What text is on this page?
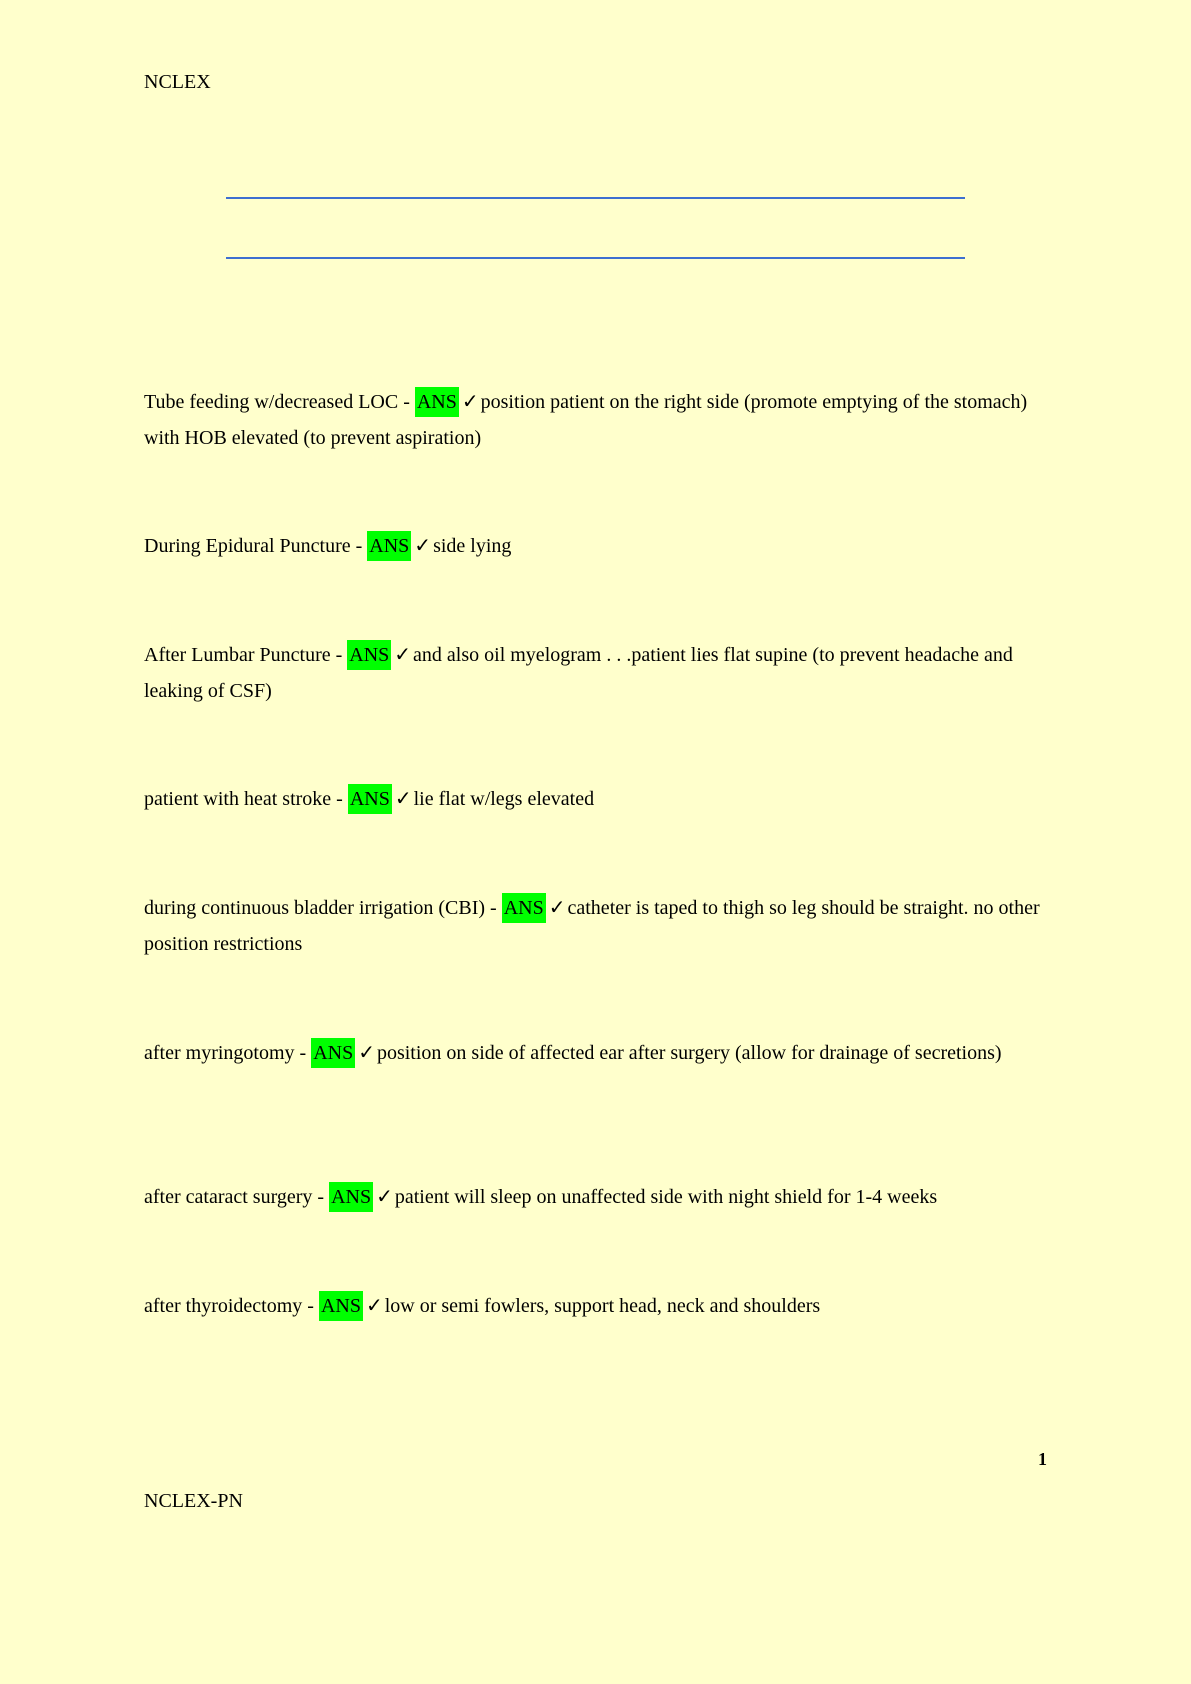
NCLEX
Tube feeding w/decreased LOC - ANS ✓ position patient on the right side (promote emptying of the stomach) with HOB elevated (to prevent aspiration)
During Epidural Puncture - ANS ✓ side lying
After Lumbar Puncture - ANS ✓ and also oil myelogram . . .patient lies flat supine (to prevent headache and leaking of CSF)
patient with heat stroke - ANS ✓ lie flat w/legs elevated
during continuous bladder irrigation (CBI) - ANS ✓ catheter is taped to thigh so leg should be straight. no other position restrictions
after myringotomy - ANS ✓ position on side of affected ear after surgery (allow for drainage of secretions)
after cataract surgery - ANS ✓ patient will sleep on unaffected side with night shield for 1-4 weeks
after thyroidectomy - ANS ✓ low or semi fowlers, support head, neck and shoulders
1
NCLEX-PN
